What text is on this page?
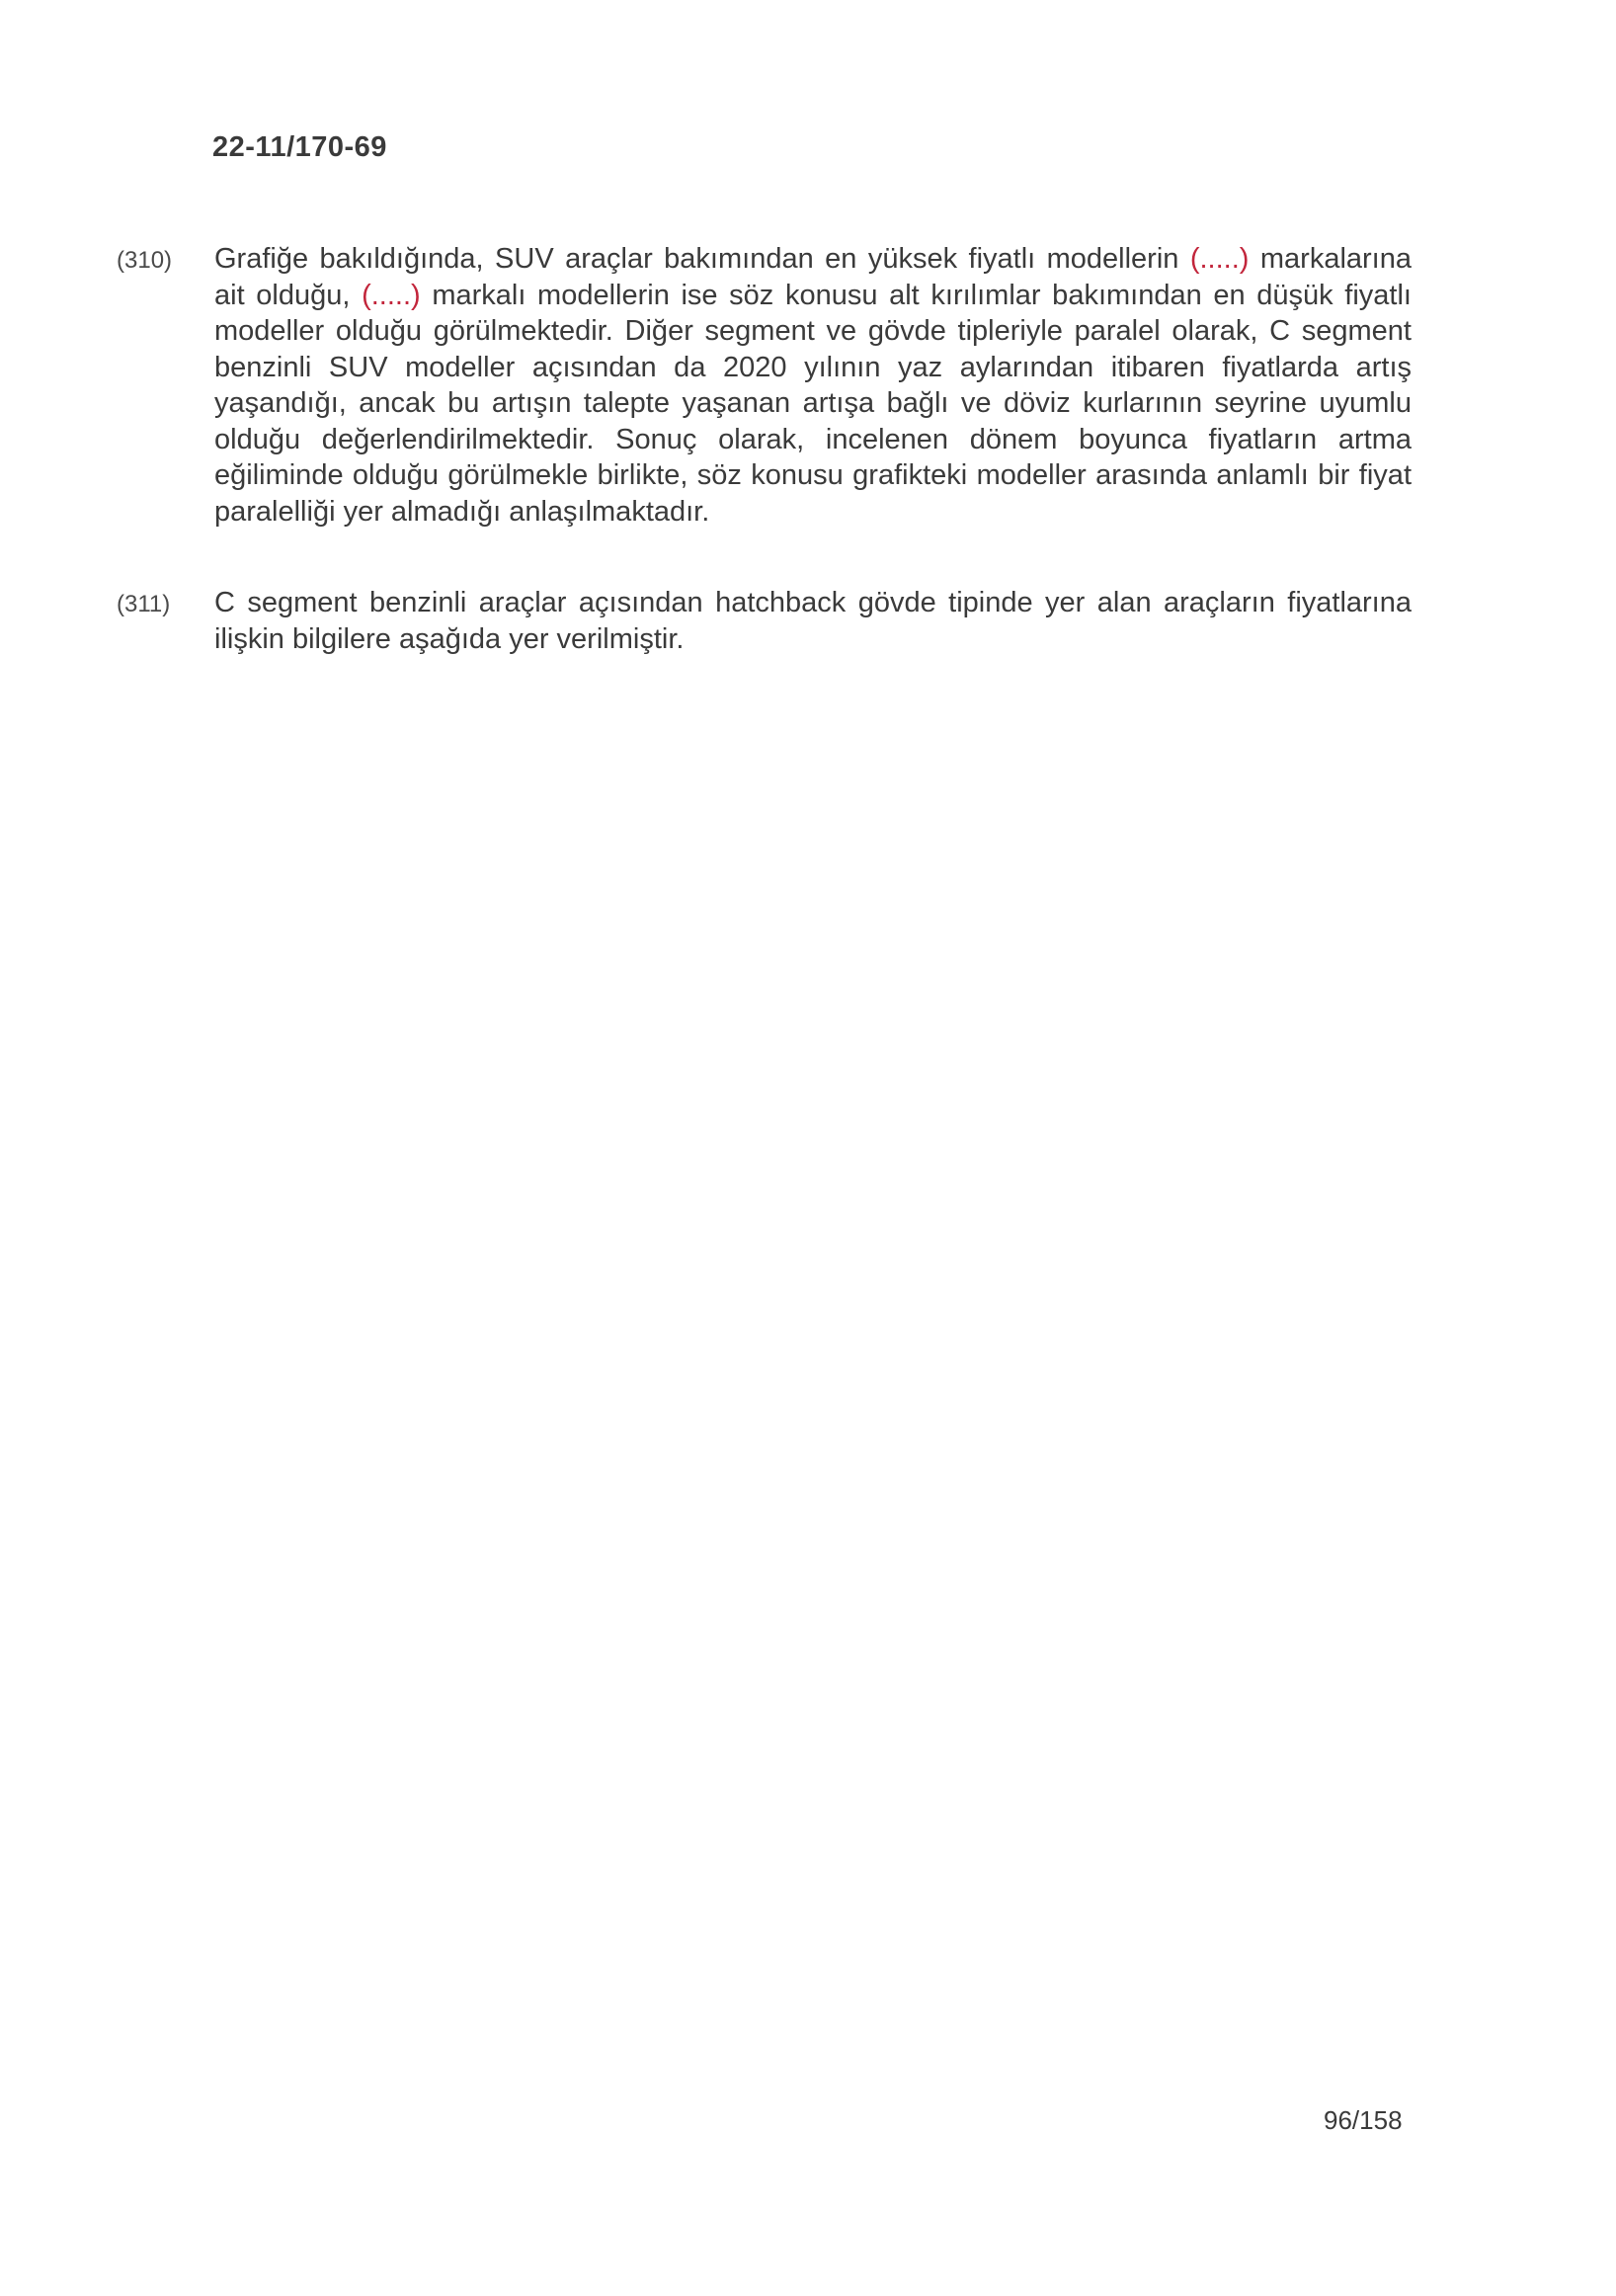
22-11/170-69
(310) Grafiğe bakıldığında, SUV araçlar bakımından en yüksek fiyatlı modellerin (.....) markalarına ait olduğu, (.....) markalı modellerin ise söz konusu alt kırılımlar bakımından en düşük fiyatlı modeller olduğu görülmektedir. Diğer segment ve gövde tipleriyle paralel olarak, C segment benzinli SUV modeller açısından da 2020 yılının yaz aylarından itibaren fiyatlarda artış yaşandığı, ancak bu artışın talepte yaşanan artışa bağlı ve döviz kurlarının seyrine uyumlu olduğu değerlendirilmektedir. Sonuç olarak, incelenen dönem boyunca fiyatların artma eğiliminde olduğu görülmekle birlikte, söz konusu grafikteki modeller arasında anlamlı bir fiyat paralelliği yer almadığı anlaşılmaktadır.
(311) C segment benzinli araçlar açısından hatchback gövde tipinde yer alan araçların fiyatlarına ilişkin bilgilere aşağıda yer verilmiştir.
96/158
